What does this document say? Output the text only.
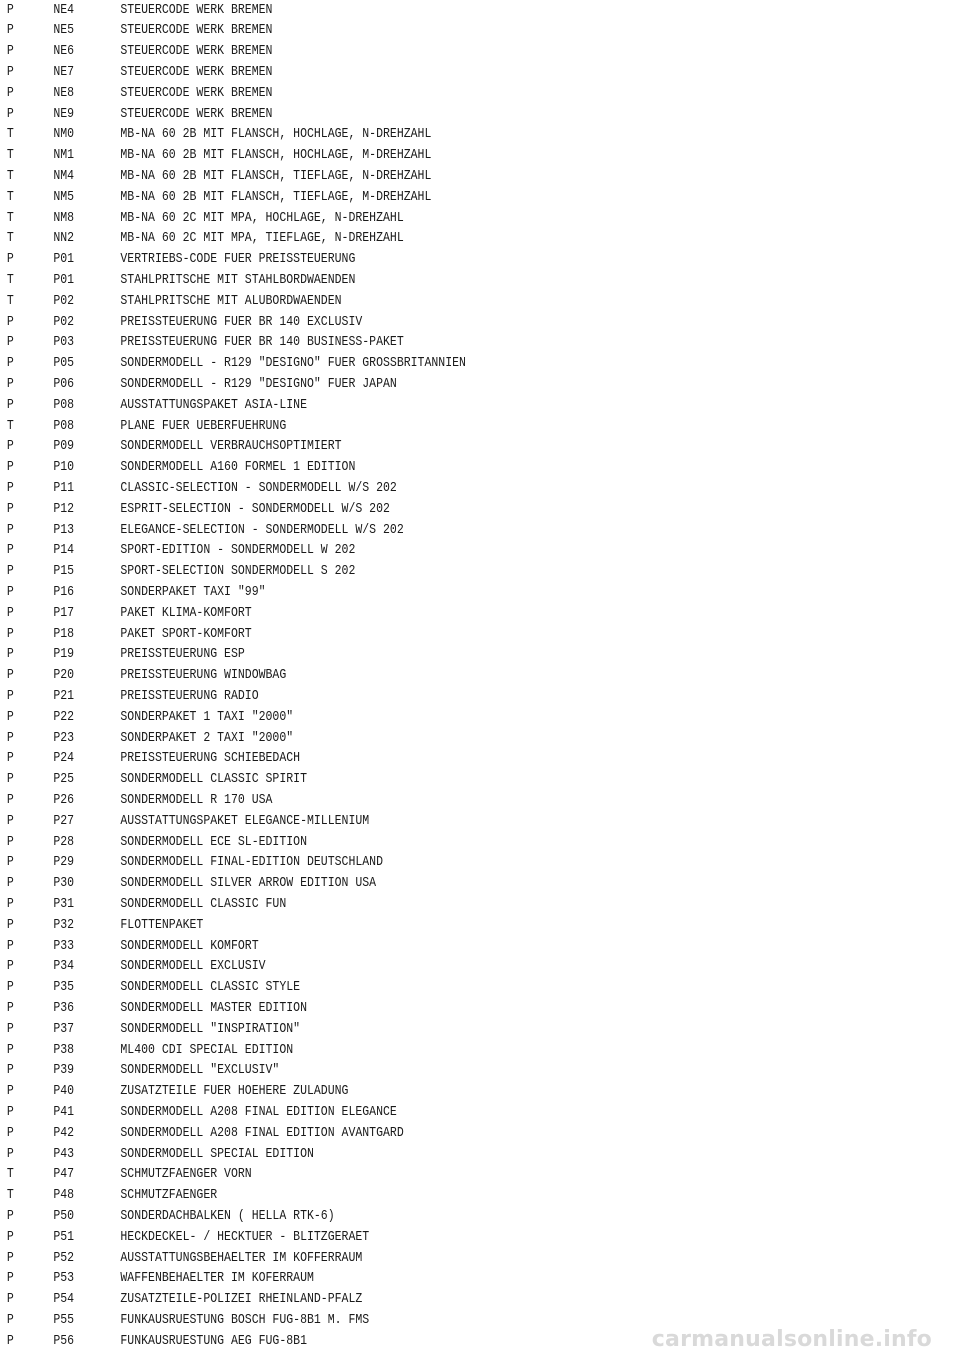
P	NE4	STEUERCODE WERK BREMEN
P	NE5	STEUERCODE WERK BREMEN
P	NE6	STEUERCODE WERK BREMEN
P	NE7	STEUERCODE WERK BREMEN
P	NE8	STEUERCODE WERK BREMEN
P	NE9	STEUERCODE WERK BREMEN
T	NM0	MB-NA 60 2B MIT FLANSCH, HOCHLAGE, N-DREHZAHL
T	NM1	MB-NA 60 2B MIT FLANSCH, HOCHLAGE, M-DREHZAHL
T	NM4	MB-NA 60 2B MIT FLANSCH, TIEFLAGE, N-DREHZAHL
T	NM5	MB-NA 60 2B MIT FLANSCH, TIEFLAGE, M-DREHZAHL
T	NM8	MB-NA 60 2C MIT MPA, HOCHLAGE, N-DREHZAHL
T	NN2	MB-NA 60 2C MIT MPA, TIEFLAGE, N-DREHZAHL
P	P01	VERTRIEBS-CODE FUER PREISSTEUERUNG
T	P01	STAHLPRITSCHE MIT STAHLBORDWAENDEN
T	P02	STAHLPRITSCHE MIT ALUBORDWAENDEN
P	P02	PREISSTEUERUNG FUER BR 140 EXCLUSIV
P	P03	PREISSTEUERUNG FUER BR 140 BUSINESS-PAKET
P	P05	SONDERMODELL - R129 "DESIGNO" FUER GROSSBRITANNIEN
P	P06	SONDERMODELL - R129 "DESIGNO" FUER JAPAN
P	P08	AUSSTATTUNGSPAKET ASIA-LINE
T	P08	PLANE FUER UEBERFUEHRUNG
P	P09	SONDERMODELL VERBRAUCHSOPTIMIERT
P	P10	SONDERMODELL A160 FORMEL 1 EDITION
P	P11	CLASSIC-SELECTION - SONDERMODELL W/S 202
P	P12	ESPRIT-SELECTION - SONDERMODELL W/S 202
P	P13	ELEGANCE-SELECTION - SONDERMODELL W/S 202
P	P14	SPORT-EDITION - SONDERMODELL W 202
P	P15	SPORT-SELECTION SONDERMODELL S 202
P	P16	SONDERPAKET TAXI "99"
P	P17	PAKET KLIMA-KOMFORT
P	P18	PAKET SPORT-KOMFORT
P	P19	PREISSTEUERUNG ESP
P	P20	PREISSTEUERUNG WINDOWBAG
P	P21	PREISSTEUERUNG RADIO
P	P22	SONDERPAKET 1 TAXI "2000"
P	P23	SONDERPAKET 2 TAXI "2000"
P	P24	PREISSTEUERUNG SCHIEBEDACH
P	P25	SONDERMODELL CLASSIC SPIRIT
P	P26	SONDERMODELL R 170 USA
P	P27	AUSSTATTUNGSPAKET ELEGANCE-MILLENIUM
P	P28	SONDERMODELL ECE SL-EDITION
P	P29	SONDERMODELL FINAL-EDITION DEUTSCHLAND
P	P30	SONDERMODELL SILVER ARROW EDITION USA
P	P31	SONDERMODELL CLASSIC FUN
P	P32	FLOTTENPAKET
P	P33	SONDERMODELL KOMFORT
P	P34	SONDERMODELL EXCLUSIV
P	P35	SONDERMODELL CLASSIC STYLE
P	P36	SONDERMODELL MASTER EDITION
P	P37	SONDERMODELL "INSPIRATION"
P	P38	ML400 CDI SPECIAL EDITION
P	P39	SONDERMODELL "EXCLUSIV"
P	P40	ZUSATZTEILE FUER HOEHERE ZULADUNG
P	P41	SONDERMODELL A208 FINAL EDITION ELEGANCE
P	P42	SONDERMODELL A208 FINAL EDITION AVANTGARD
P	P43	SONDERMODELL SPECIAL EDITION
T	P47	SCHMUTZFAENGER VORN
T	P48	SCHMUTZFAENGER
P	P50	SONDERDACHBALKEN ( HELLA RTK-6)
P	P51	HECKDECKEL- / HECKTUER - BLITZGERAET
P	P52	AUSSTATTUNGSBEHAELTER IM KOFFERRAUM
P	P53	WAFFENBEHAELTER IM KOFERRAUM
P	P54	ZUSATZTEILE-POLIZEI RHEINLAND-PFALZ
P	P55	FUNKAUSRUESTUNG BOSCH FUG-8B1 M. FMS
P	P56	FUNKAUSRUESTUNG AEG FUG-8B1	carmanualsonline.info
